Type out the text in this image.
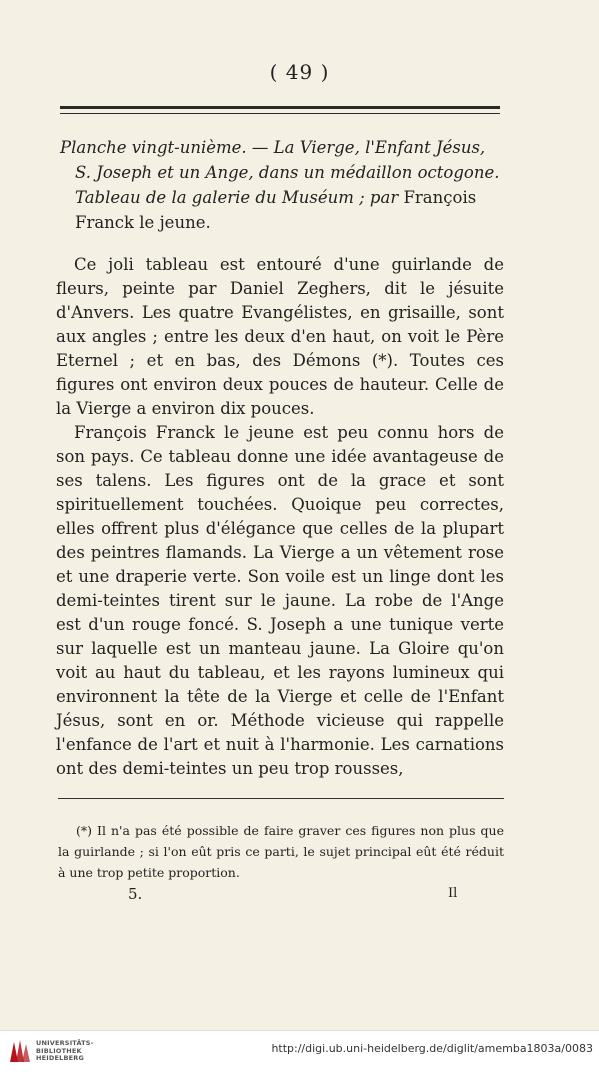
( 49 )

Planche vingt-unième. — La Vierge, l'Enfant Jésus,

S. Joseph et un Ange, dans un médaillon octogone.

Tableau de la galerie du Muséum ; par François

Franck le jeune.

Ce joli tableau est entouré d'une guirlande de fleurs, peinte par Daniel Zeghers, dit le jésuite d'Anvers. Les quatre Evangélistes, en grisaille, sont aux angles ; entre les deux d'en haut, on voit le Père Eternel ; et en bas, des Démons (*). Toutes ces figures ont environ deux pouces de hauteur. Celle de la Vierge a environ dix pouces.

François Franck le jeune est peu connu hors de son pays. Ce tableau donne une idée avantageuse de ses talens. Les figures ont de la grace et sont spirituellement touchées. Quoique peu correctes, elles offrent plus d'élégance que celles de la plupart des peintres flamands. La Vierge a un vêtement rose et une draperie verte. Son voile est un linge dont les demi-teintes tirent sur le jaune. La robe de l'Ange est d'un rouge foncé. S. Joseph a une tunique verte sur laquelle est un manteau jaune. La Gloire qu'on voit au haut du tableau, et les rayons lumineux qui environnent la tête de la Vierge et celle de l'Enfant Jésus, sont en or. Méthode vicieuse qui rappelle l'enfance de l'art et nuit à l'harmonie. Les carnations ont des demi-teintes un peu trop rousses,

(*) Il n'a pas été possible de faire graver ces figures non plus que la guirlande ; si l'on eût pris ce parti, le sujet principal eût été réduit à une trop petite proportion.
5.	Il
UNIVERSITÄTS-
BIBLIOTHEK
HEIDELBERG
http://digi.ub.uni-heidelberg.de/diglit/amemba1803a/0083
